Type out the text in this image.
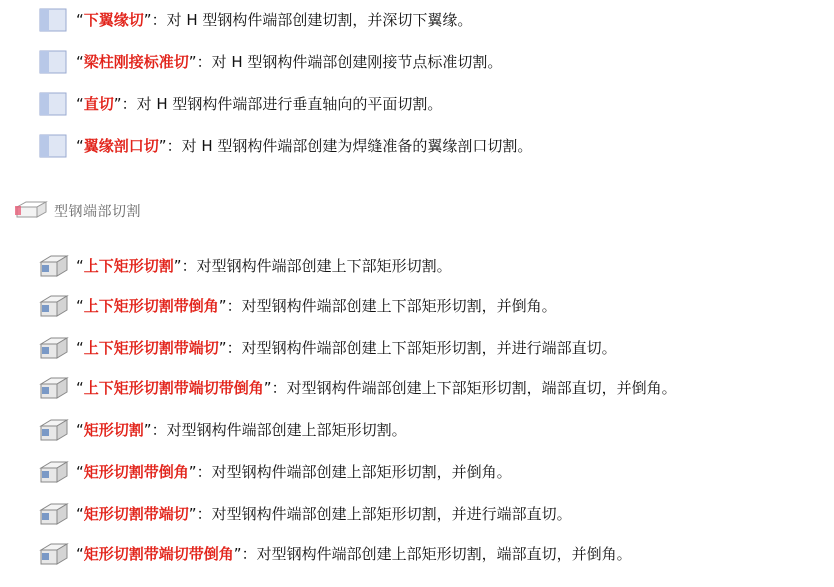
“下翼缘切”：对 H 型钢构件端部创建切割，并深切下翼缘。
“梁柱刚接标准切”：对 H 型钢构件端部创建刚接节点标准切割。
“直切”：对 H 型钢构件端部进行垂直轴向的平面切割。
“翼缘剖口切”：对 H 型钢构件端部创建为焊缝准备的翼缘剖口切割。
型钢端部切割
“上下矩形切割”：对型钢构件端部创建上下部矩形切割。
“上下矩形切割带倒角”：对型钢构件端部创建上下部矩形切割，并倒角。
“上下矩形切割带端切”：对型钢构件端部创建上下部矩形切割，并进行端部直切。
“上下矩形切割带端切带倒角”：对型钢构件端部创建上下部矩形切割，端部直切，并倒角。
“矩形切割”：对型钢构件端部创建上部矩形切割。
“矩形切割带倒角”：对型钢构件端部创建上部矩形切割，并倒角。
“矩形切割带端切”：对型钢构件端部创建上部矩形切割，并进行端部直切。
“矩形切割带端切带倒角”：对型钢构件端部创建上部矩形切割，端部直切，并倒角。
